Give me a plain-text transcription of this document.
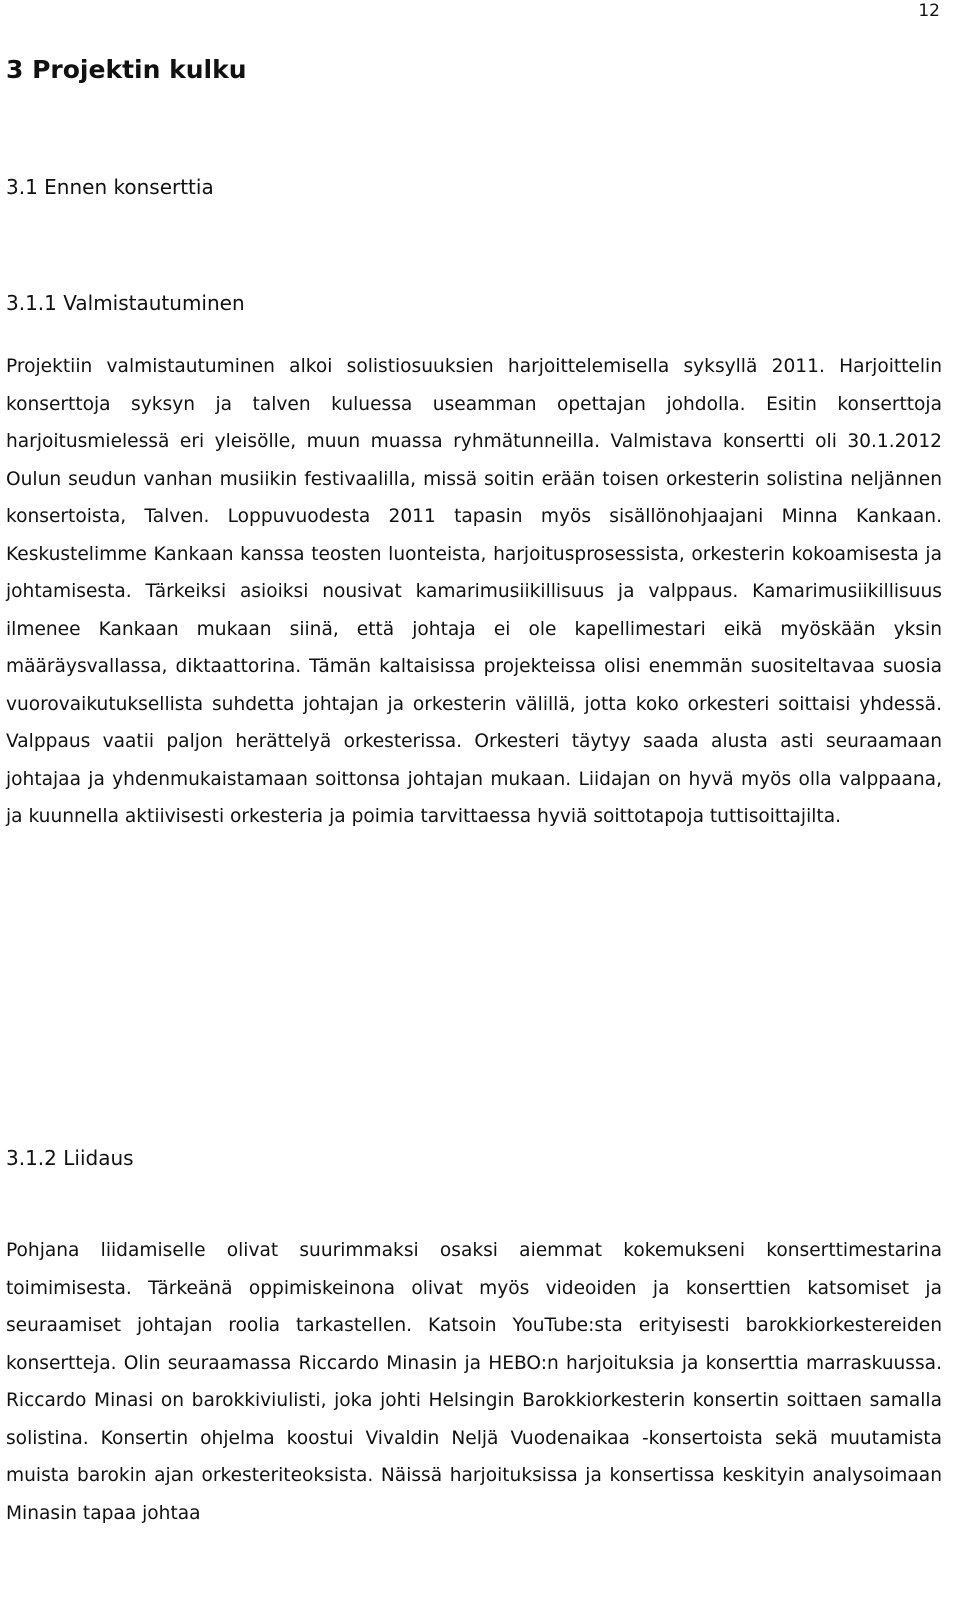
12
3 Projektin kulku
3.1 Ennen konserttia
3.1.1 Valmistautuminen

Projektiin valmistautuminen alkoi solistiosuuksien harjoittelemisella syksyllä 2011. Harjoittelin konserttoja syksyn ja talven kuluessa useamman opettajan johdolla. Esitin konserttoja harjoitusmielessä eri yleisölle, muun muassa ryhmätunneilla. Valmistava konsertti oli 30.1.2012 Oulun seudun vanhan musiikin festivaalilla, missä soitin erään toisen orkesterin solistina neljännen konsertoista, Talven. Loppuvuodesta 2011 tapasin myös sisällönohjaajani Minna Kankaan. Keskustelimme Kankaan kanssa teosten luonteista, harjoitusprosessista, orkesterin kokoamisesta ja johtamisesta. Tärkeiksi asioiksi nousivat kamarimusiikillisuus ja valppaus. Kamarimusiikillisuus ilmenee Kankaan mukaan siinä, että johtaja ei ole kapellimestari eikä myöskään yksin määräysvallassa, diktaattorina. Tämän kaltaisissa projekteissa olisi enemmän suositeltavaa suosia vuorovaikutuksellista suhdetta johtajan ja orkesterin välillä, jotta koko orkesteri soittaisi yhdessä. Valppaus vaatii paljon herättelyä orkesterissa. Orkesteri täytyy saada alusta asti seuraamaan johtajaa ja yhdenmukaistamaan soittonsa johtajan mukaan. Liidajan on hyvä myös olla valppaana, ja kuunnella aktiivisesti orkesteria ja poimia tarvittaessa hyviä soittotapoja tuttisoittajilta.

3.1.2 Liidaus

Pohjana liidamiselle olivat suurimmaksi osaksi aiemmat kokemukseni konserttimestarina toimimisesta. Tärkeänä oppimiskeinona olivat myös videoiden ja konserttien katsomiset ja seuraamiset johtajan roolia tarkastellen. Katsoin YouTube:sta erityisesti barokkiorkestereiden konsertteja. Olin seuraamassa Riccardo Minasin ja HEBO:n harjoituksia ja konserttia marraskuussa. Riccardo Minasi on barokkiviulisti, joka johti Helsingin Barokkiorkesterin konsertin soittaen samalla solistina. Konsertin ohjelma koostui Vivaldin Neljä Vuodenaikaa -konsertoista sekä muutamista muista barokin ajan orkesteriteoksista. Näissä harjoituksissa ja konsertissa keskityin analysoimaan Minasin tapaa johtaa
